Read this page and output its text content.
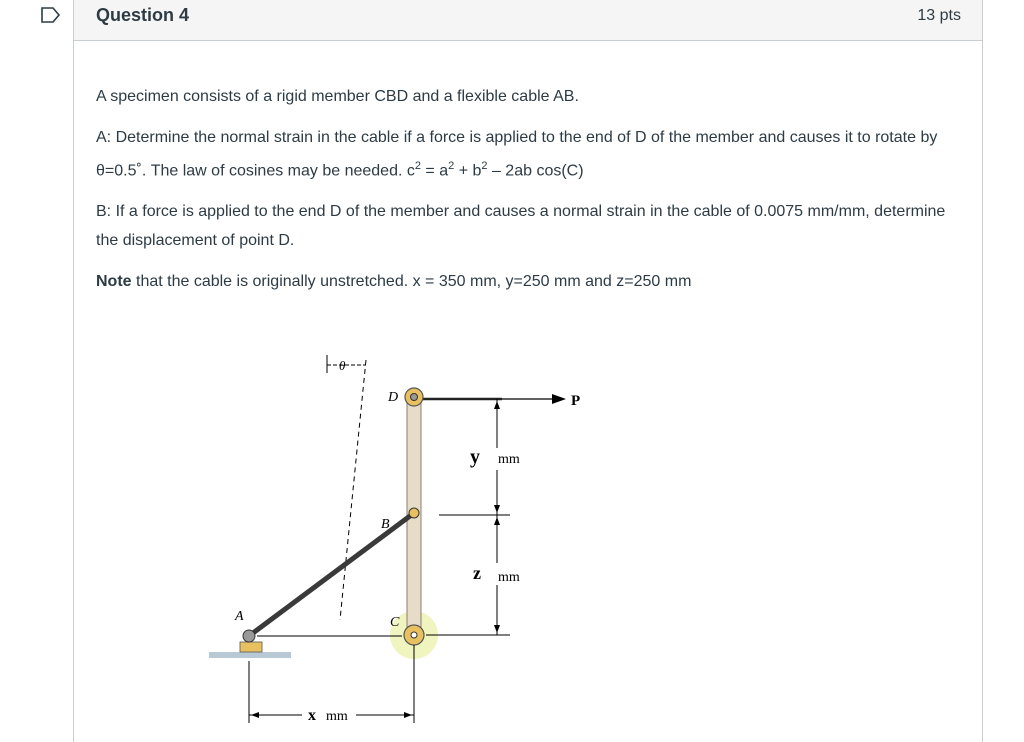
Question 4	13 pts

A specimen consists of a rigid member CBD and a flexible cable AB.

A: Determine the normal strain in the cable if a force is applied to the end of D of the member and causes it to rotate by θ=0.5˚. The law of cosines may be needed. $c^2 = a^2 + b^2 - 2ab$ cos(C)

B: If a force is applied to the end D of the member and causes a normal strain in the cable of 0.0075 mm/mm, determine the displacement of point D.

Note that the cable is originally unstretched. x = 350 mm, y=250 mm and z=250 mm

θ
P
D
B
C
A
y mm
z mm
x mm
